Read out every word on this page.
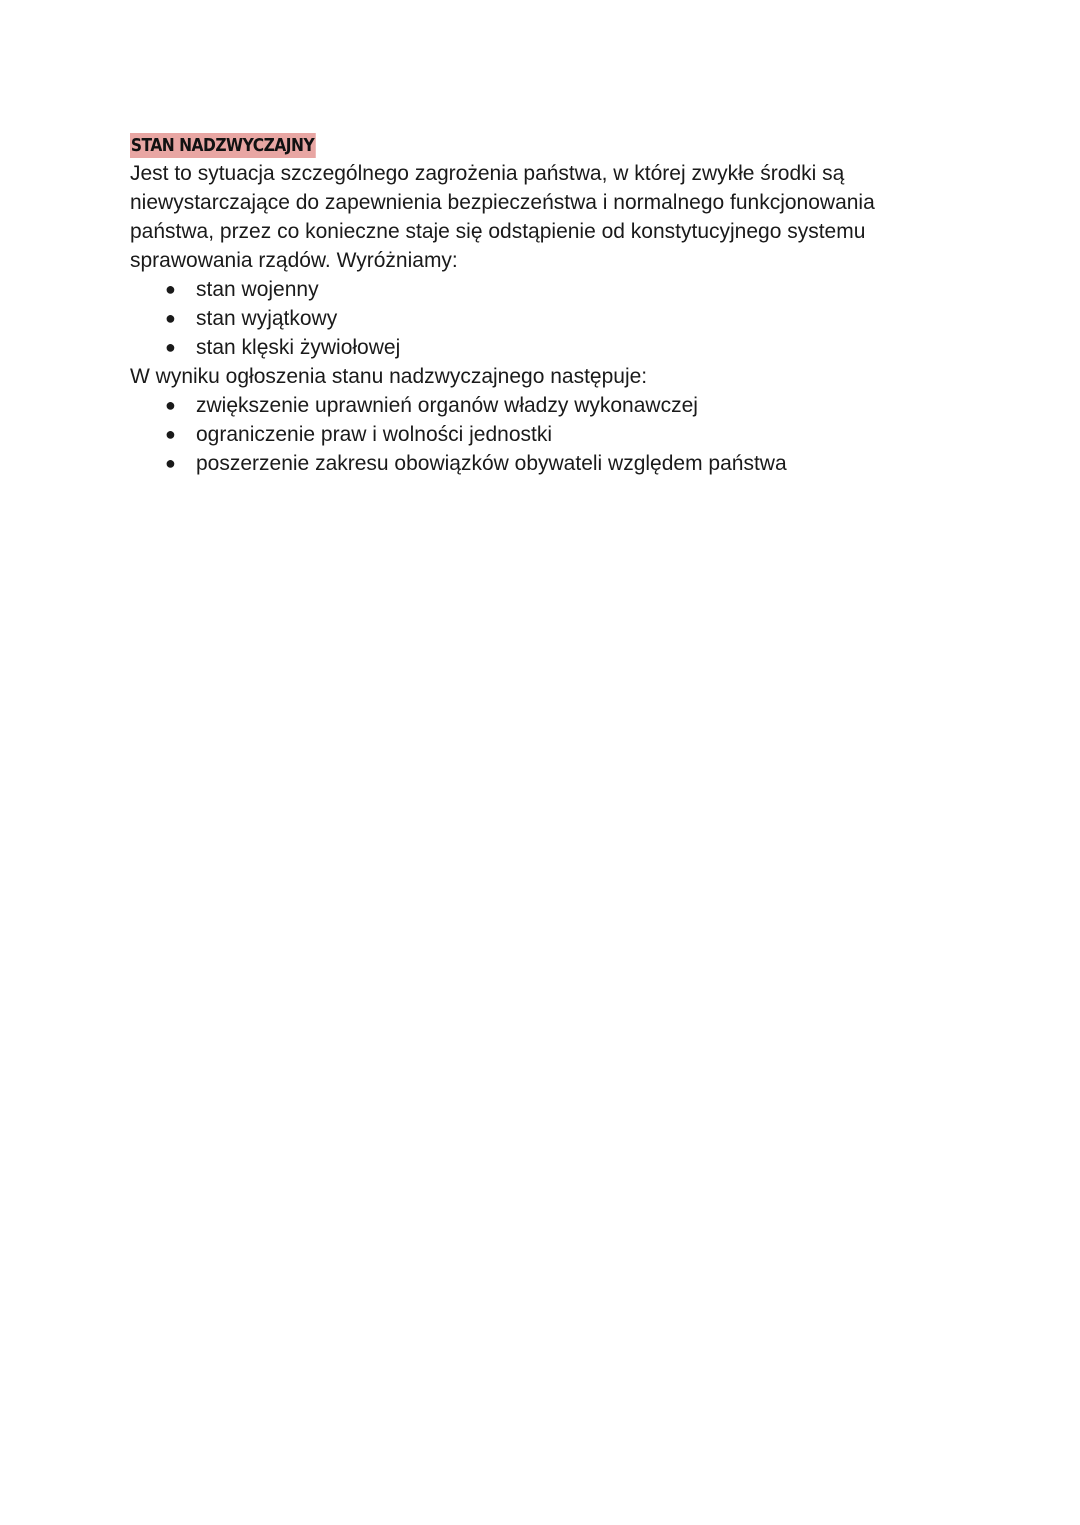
STAN NADZWYCZAJNY
Jest to sytuacja szczególnego zagrożenia państwa, w której zwykłe środki są
niewystarczające do zapewnienia bezpieczeństwa i normalnego funkcjonowania
państwa, przez co konieczne staje się odstąpienie od konstytucyjnego systemu
sprawowania rządów. Wyróżniamy:
● stan wojenny
● stan wyjątkowy
● stan klęski żywiołowej
W wyniku ogłoszenia stanu nadzwyczajnego następuje:
● zwiększenie uprawnień organów władzy wykonawczej
● ograniczenie praw i wolności jednostki
● poszerzenie zakresu obowiązków obywateli względem państwa
